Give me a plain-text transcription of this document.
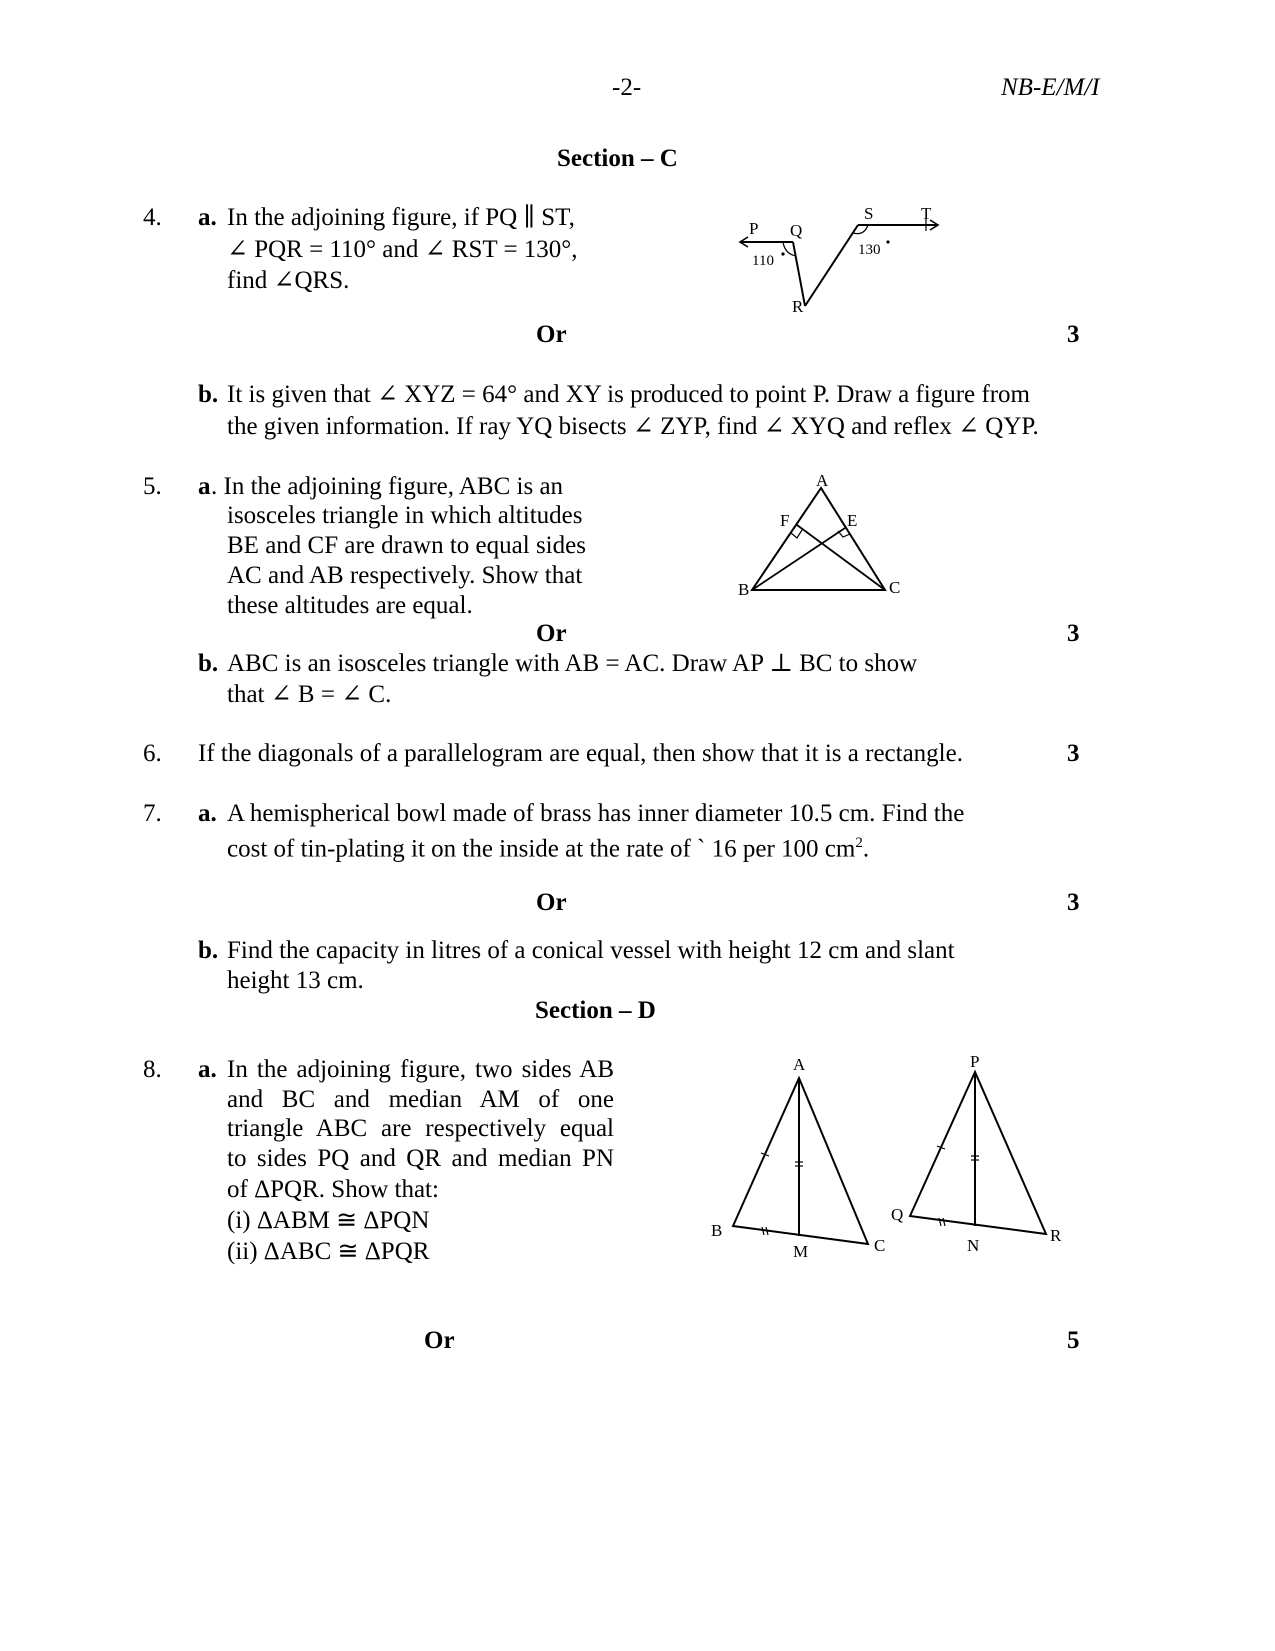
-2-	NB-E/M/I
Section – C
4. a. In the adjoining figure, if PQ ∥ ST,
∠ PQR = 110° and ∠ RST = 130°,
find ∠QRS.
P Q
R
S	T
110
130
Or	3
b. It is given that ∠ XYZ = 64° and XY is produced to point P. Draw a figure from
the given information. If ray YQ bisects ∠ ZYP, find ∠ XYQ and reflex ∠ QYP.
5. a . In the adjoining figure, ABC is an
isosceles triangle in which altitudes
BE and CF are drawn to equal sides
AC and AB respectively. Show that
these altitudes are equal.
A
B	C
E
F
Or	3
b. ABC is an isosceles triangle with AB = AC. Draw AP ⊥ BC to show
that ∠ B = ∠ C.
6. If the diagonals of a parallelogram are equal, then show that it is a rectangle.	3
7. a. A hemispherical bowl made of brass has inner diameter 10.5 cm. Find the
cost of tin-plating it on the inside at the rate of ` 16 per 100 $cm^2$.
Or	3
b. Find the capacity in litres of a conical vessel with height 12 cm and slant
height 13 cm.
Section – D
8. a. In the adjoining figure, two sides AB
and BC and median AM of one
triangle ABC are respectively equal
to sides PQ and QR and median PN
of ΔPQR. Show that:
(i) ΔABM ≅ ΔPQN
(ii) ΔABC ≅ ΔPQR
A
B
C
M
P
Q
R
N
Or	5
